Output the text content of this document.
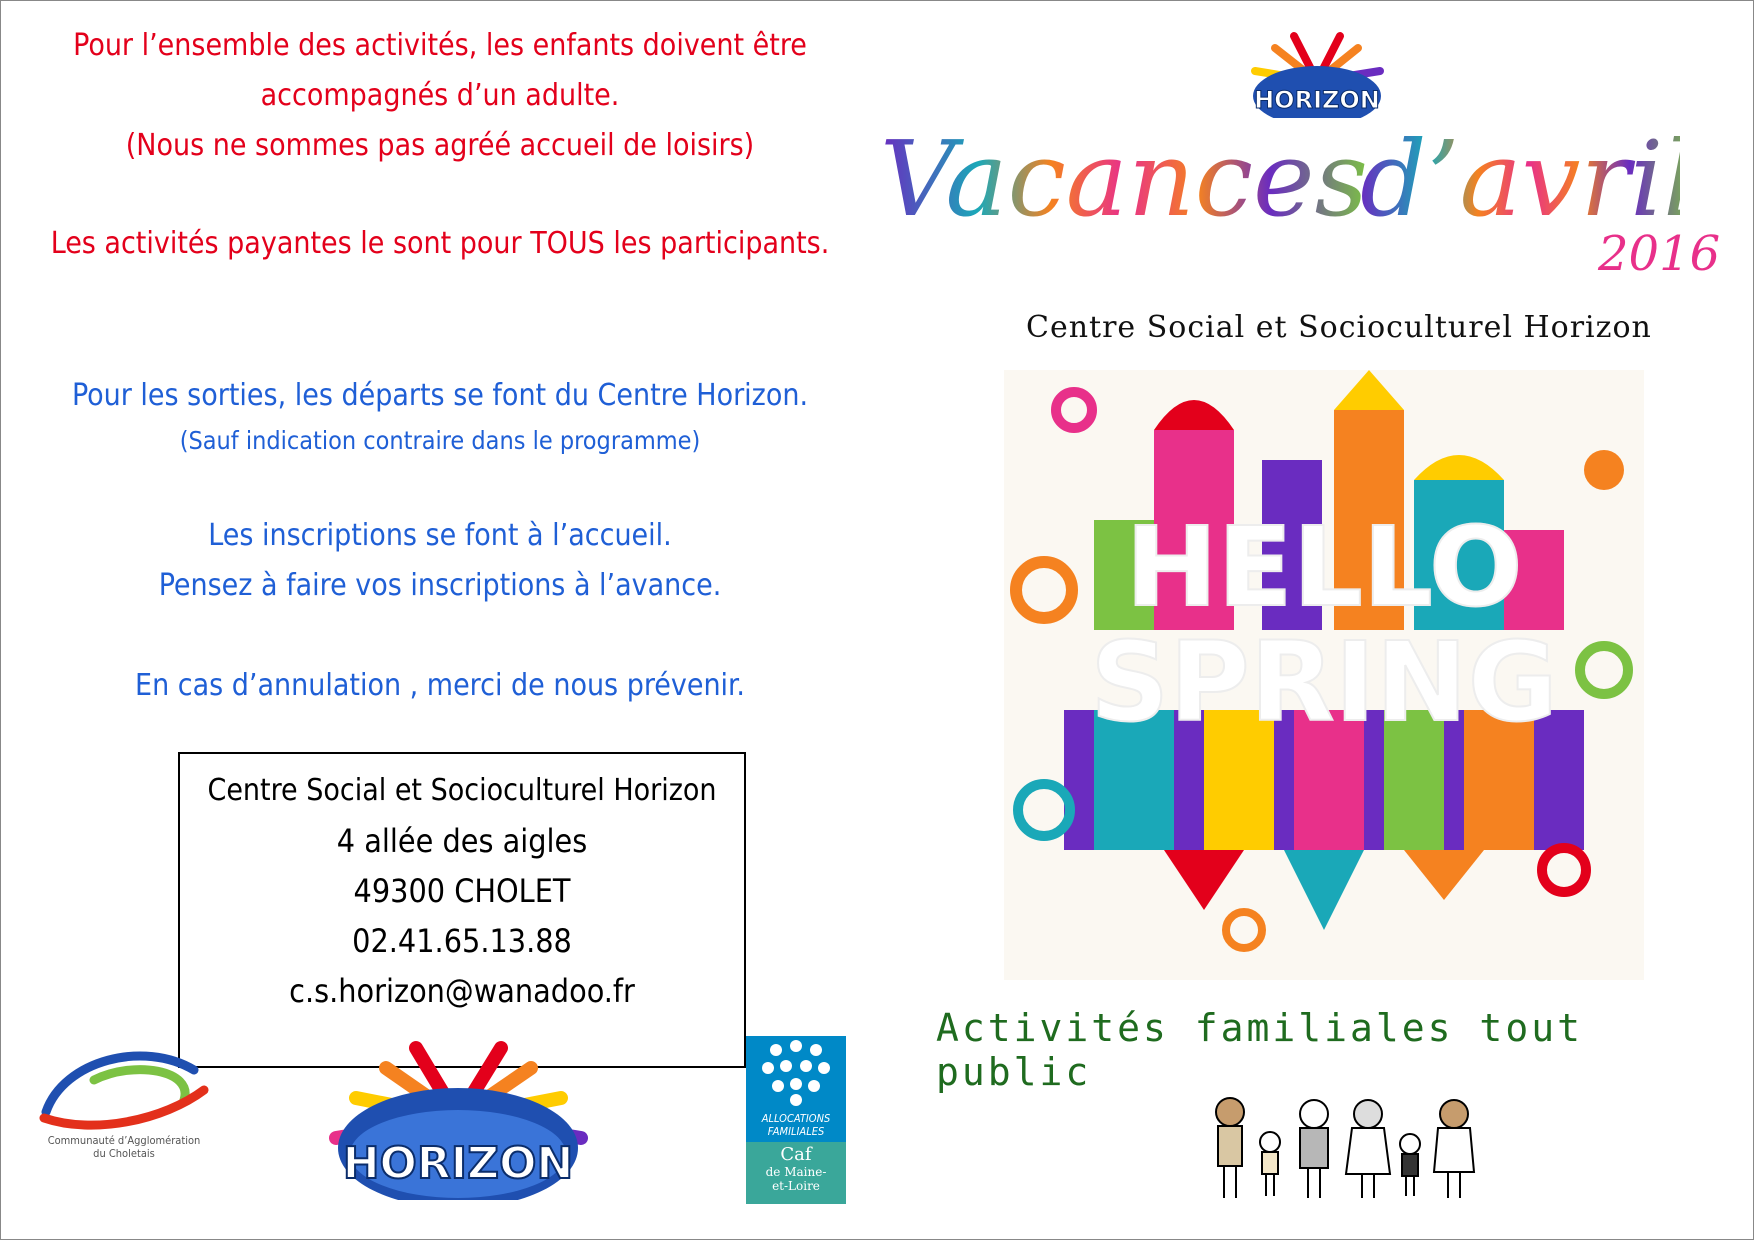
Pour l’ensemble des activités, les enfants doivent être
accompagnés d’un adulte.
(Nous ne sommes pas agréé accueil de loisirs)
Les activités payantes le sont pour TOUS les participants.
Pour les sorties, les départs se font du Centre Horizon.
(Sauf indication contraire dans le programme)
Les inscriptions se font à l’accueil.
Pensez à faire vos inscriptions à l’avance.
En cas d’annulation , merci de nous prévenir.
Centre Social et Socioculturel Horizon
4 allée des aigles
49300 CHOLET
02.41.65.13.88
c.s.horizon@wanadoo.fr
Communauté d’Agglomération
du Choletais	HORIZON
ALLOCATIONS
FAMILIALES
Caf
de Maine-
et-Loire
HORIZON
Vacances
d’avril
2016
Centre Social et Socioculturel Horizon
HELLO
SPRING
Activités familiales tout public
